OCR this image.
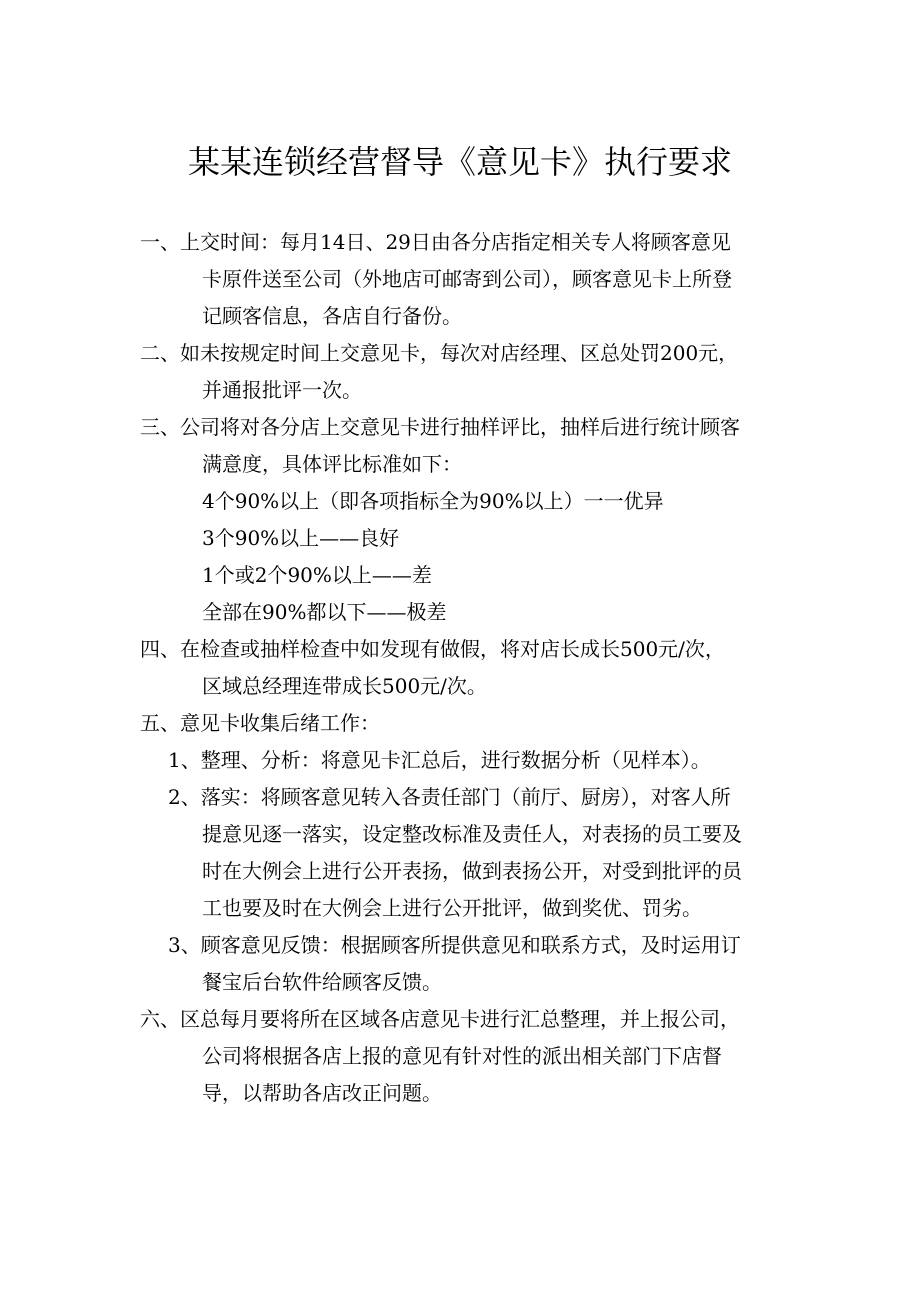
某某连锁经营督导《意见卡》执行要求
一、上交时间：每月14日、29日由各分店指定相关专人将顾客意见
卡原件送至公司（外地店可邮寄到公司），顾客意见卡上所登
记顾客信息，各店自行备份。
二、如未按规定时间上交意见卡，每次对店经理、区总处罚200元，
并通报批评一次。
三、公司将对各分店上交意见卡进行抽样评比，抽样后进行统计顾客
满意度，具体评比标准如下：
4个90%以上（即各项指标全为90%以上）一一优异
3个90%以上——良好
1个或2个90%以上——差
全部在90%都以下——极差
四、在检查或抽样检查中如发现有做假，将对店长成长500元/次，
区域总经理连带成长500元/次。
五、意见卡收集后绪工作：
1、整理、分析：将意见卡汇总后，进行数据分析（见样本）。
2、落实：将顾客意见转入各责任部门（前厅、厨房），对客人所
提意见逐一落实，设定整改标准及责任人，对表扬的员工要及
时在大例会上进行公开表扬，做到表扬公开，对受到批评的员
工也要及时在大例会上进行公开批评，做到奖优、罚劣。
3、顾客意见反馈：根据顾客所提供意见和联系方式，及时运用订
餐宝后台软件给顾客反馈。
六、区总每月要将所在区域各店意见卡进行汇总整理，并上报公司，
公司将根据各店上报的意见有针对性的派出相关部门下店督
导，以帮助各店改正问题。
